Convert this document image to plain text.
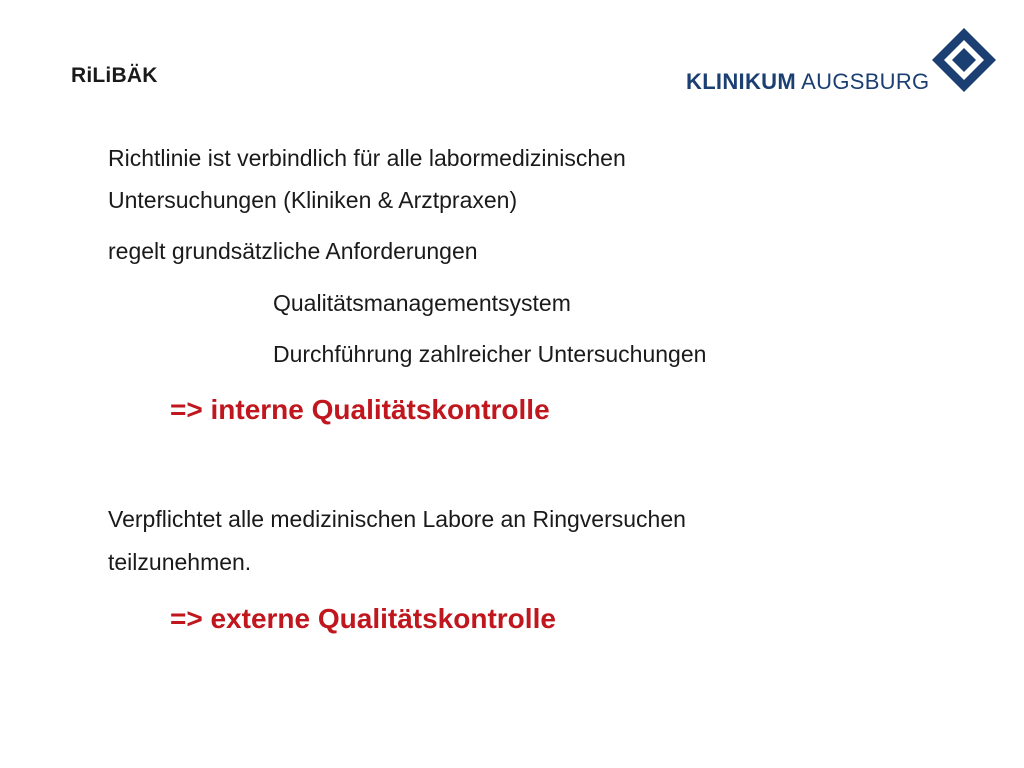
RiLiBÄK	KLINIKUM AUGSBURG
Richtlinie ist verbindlich für alle labormedizinischen
Untersuchungen (Kliniken & Arztpraxen)
regelt grundsätzliche Anforderungen
Qualitätsmanagementsystem
Durchführung zahlreicher Untersuchungen
=> interne Qualitätskontrolle
Verpflichtet alle medizinischen Labore an Ringversuchen
teilzunehmen.
=> externe Qualitätskontrolle
